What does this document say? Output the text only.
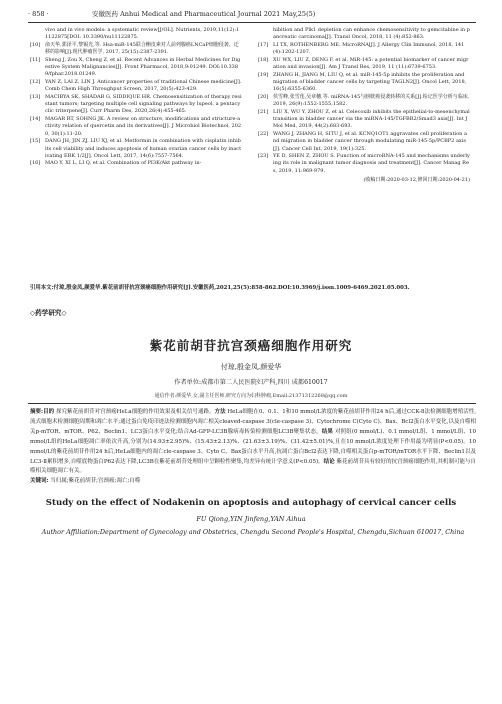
· 858 ·	安徽医药 Anhui Medical and Pharmaceutical Journal 2021 May,25(5)
vivo and in vivo models: a systematic review[J/OL]. Nutrients, 2019,11(12):11122875[DOI: 10.3390/nu11122875.
[10] 俞天华,郭泽平,黎锡光,等. Hsa-miR-145联合槲皮素对人前列腺癌LNCaP细胞侵袭、迁移的影响[J].现代肿瘤医学, 2017, 25(15):2387-2391.
[11] Sheng J, Zou X, Cheng Z, et al. Recent Advances in Herbal Medicines for Digestive System Malignancies[J]. Front Pharmacol, 2018,9:01249. DOI:10.3389/fphar.2018.01249.
[12] YAN Z, LAI Z, LIN J. Anticancer properties of traditional Chinese medicine[J]. Comb Chem High Throughput Screen, 2017, 20(5):423-429.
[13] MACIBYA SK, SHADAB G, SIDDIQUE HR. Chemosensitization of therapy resistant tumors; targeting multiple cell signaling pathways by lupeol, a pentacyclic triterpene[J]. Curr Pharm Des, 2020,26(4):455-465.
[14] MAGAR RT, SOHNG JK. A review on structure, modifications and structure-activity relation of quercetin and its derivatives[J]. J Microbiol Biotechnol, 2020, 30(1):11-20.
[15] DANG JH, JIN ZJ, LIU XJ, et al. Metformin in combination with cisplatin inhibits cell viability and induces apoptosis of human ovarian cancer cells by inactivating ERK 1/2[J]. Oncol Lett, 2017, 14(6):7557-7564.
[16] MAO Y, XI L, LI Q, et al. Combination of PI3K/Akt pathway in-
hibition and Plk1 depletion can enhance chemosensitivity to gemcitabine in pancreatic carcinoma[J]. Transl Oncol, 2018, 11 (4):852-863.
[17] LI TX, ROTHENBERG ME. MicroRNA[J]. J Allergy Clin Immunol, 2018, 141(4):1202-1207.
[18] XU WX, LIU Z, DENG F, et al. MiR-145: a potential biomarker of cancer migration and invasion[J]. Am J Transl Res, 2019, 11 (11):6739-6753.
[19] ZHANG H, JIANG M, LIU Q, et al. miR-145-5p inhibits the proliferation and migration of bladder cancer cells by targeting TAGLN2[J]. Oncol Lett, 2018, 16(5):6355-6360.
[20] 侯雪峰,张雪莲,吴章穗,等. miRNA-145与膀胱癌侵袭转移的关系[J].检记医学分析与临床, 2019, 26(9):1552-1555,1582.
[21] LIU X, WU Y, ZHOU Z, et al. Celecoxib inhibits the epithelial-to-mesenchymal transition in bladder cancer via the miRNA-145/TGFBR2/Smad3 axis[J]. Int J Mol Med, 2019, 44(2):683-693.
[22] WANG J, ZHANG H, SITU J, et al. KCNQ1OT1 aggravates cell proliferation and migration in bladder cancer through modulating miR-145-5p/PCBP2 axis[J]. Cancer Cell Int, 2019, 19(1):325.
[23] YE D, SHEN Z, ZHOU S. Function of microRNA-145 and mechanisms underlying its role in malignant tumor diagnosis and treatment[J]. Cancer Manag Res, 2019, 11:969-979.
(收稿日期:2020-03-12,修回日期:2020-04-21)
引用本文:付琼,殷金凤,颜爱华.紫花前胡苷抗宫颈癌细胞作用研究[J].安徽医药,2021,25(5):858-862.DOI:10.3969/j.issn.1009-6469.2021.05.003.
◇药学研究◇
紫花前胡苷抗宫颈癌细胞作用研究
付琼,殷金凤,颜爱华
作者单位:成都市第二人民医院妇产科,四川 成都610017
通信作者:颜爱华,女,副主任医师,研究方向为妇科肿瘤,Email:21371312268@qq.com
摘要:目的 探究紫花前胡苷对宫颈癌HeLa细胞的作用效果及相关信号通路。方法 HeLa细胞在0、0.1、1和10 mmol/L浓度的紫花前胡苷作用24 h后,通过CCK-8法检测细胞增殖活性,流式细胞术检测细胞周期和凋亡水平;通过蛋白免疫印迹法检测细胞内凋亡相关cleaved-caspase 3(cle-caspase 3)、Cytochrome C(Cyto C)、Bax、Bcl2蛋白水平变化,以及自噬相关p-mTOR、mTOR、P62、Beclin1、LC3蛋白水平变化;结合Ad-GFP-LC3B腺病毒转染检测细胞LC3B聚集状态。结果 对照组(0 mmol/L)、0.1 mmol/L组、1 mmol/L组、10 mmol/L组的HeLa细胞凋亡率依次升高,分别为(14.93±2.95)%、(15.43±2.13)%、(21.63±3.19)%、(31.42±5.01)%,且在10 mmol/L浓度处理下作用最为明显(P<0.05)。10 mmol/L的紫花前胡苷作用24 h后,HeLa细胞内的凋亡cle-caspase 3、Cyto C、Bax蛋白水平升高,抗凋亡蛋白Bcl2表达下降,自噬相关蛋白p-mTOR/mTOR水平下降、Beclin1以及LC3-Ⅱ累积增多,自噬底物蛋白P62表达下降,LC3B在紫花前胡苷处理组中呈颗粒性聚集,均差异有统计学意义(P<0.05)。结论 紫花前胡苷具有较好的抗宫颈癌细胞作用,其机制可能与自噬相关细胞凋亡有关。
关键词: 当归属;紫花前胡苷;宫颈癌;凋亡;自噬
Study on the effect of Nodakenin on apoptosis and autophagy of cervical cancer cells
FU Qiong,YIN Jinfeng,YAN Aihua
Author Affiliation:Department of Gynecology and Obstetrics, Chengdu Second People's Hospital, Chengdu,Sichuan 610017, China
